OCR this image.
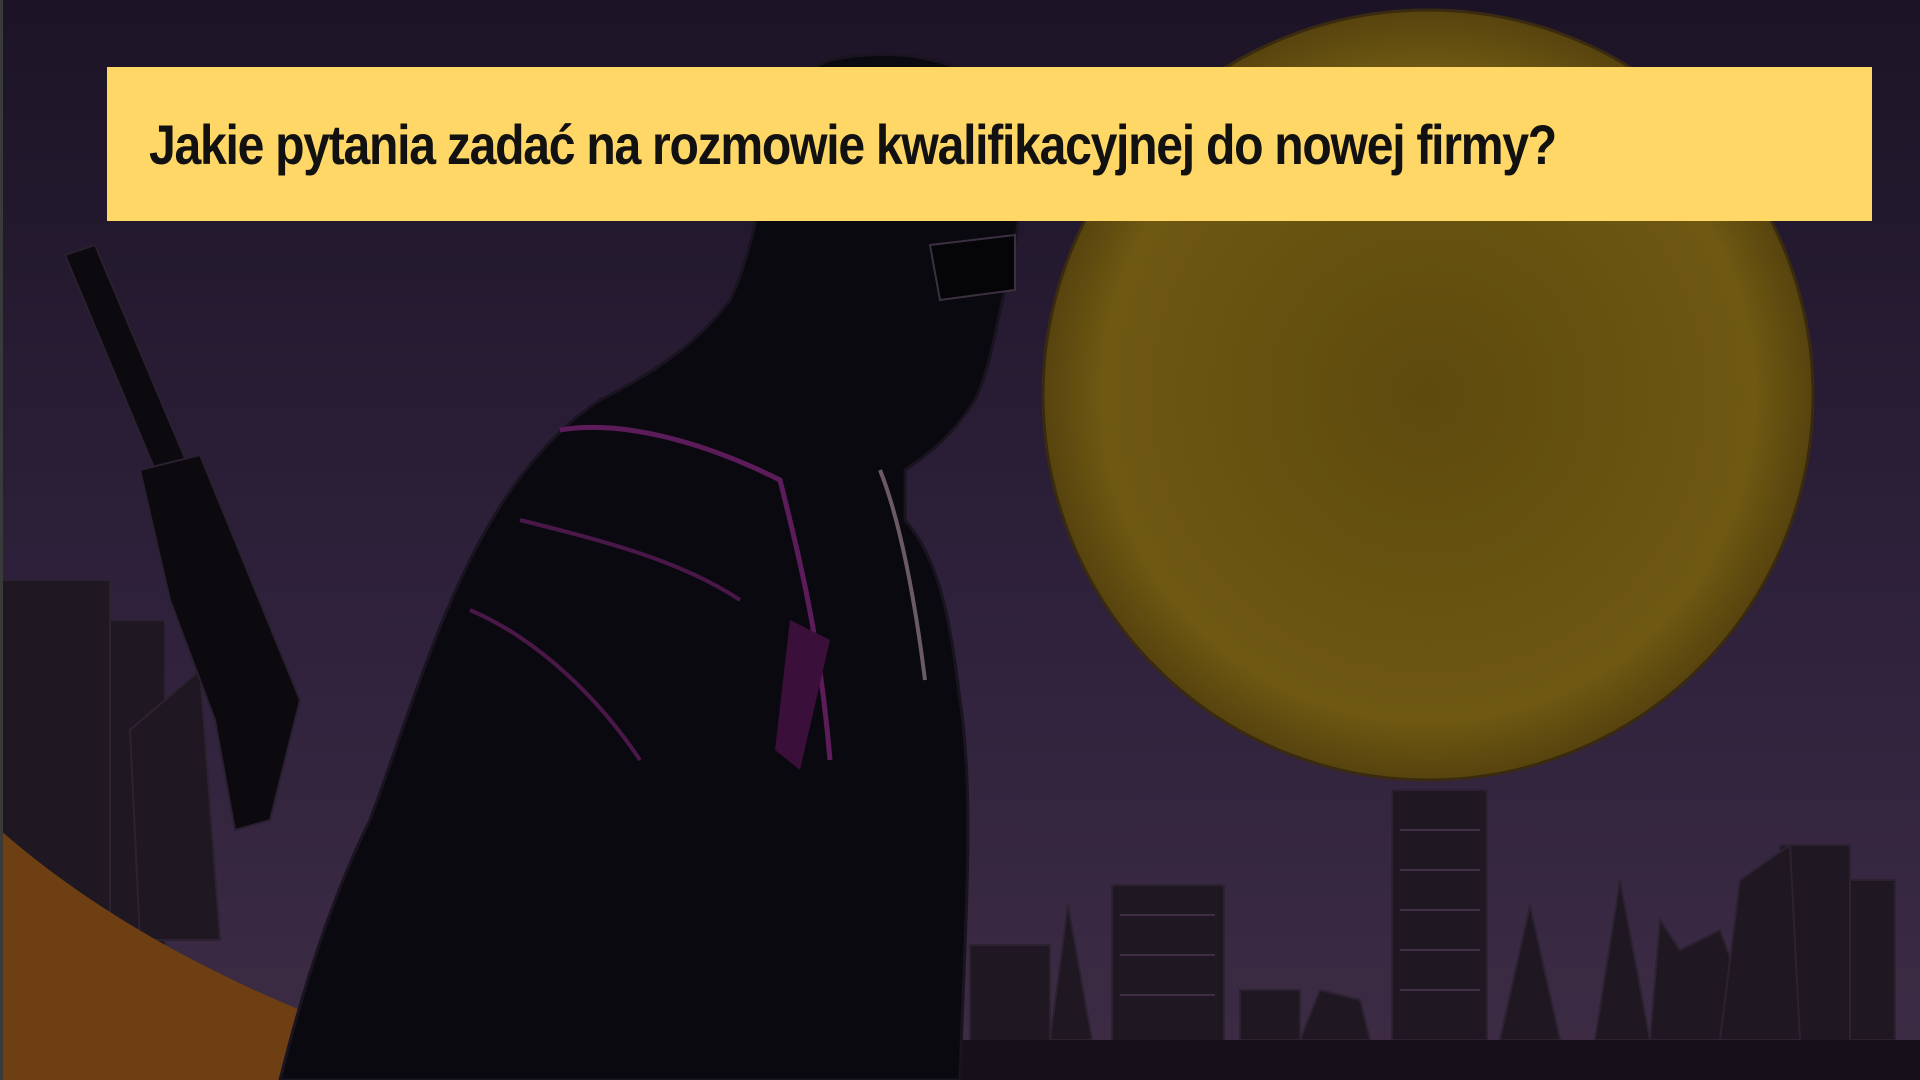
Jakie pytania zadać na rozmowie kwalifikacyjnej do nowej firmy?
